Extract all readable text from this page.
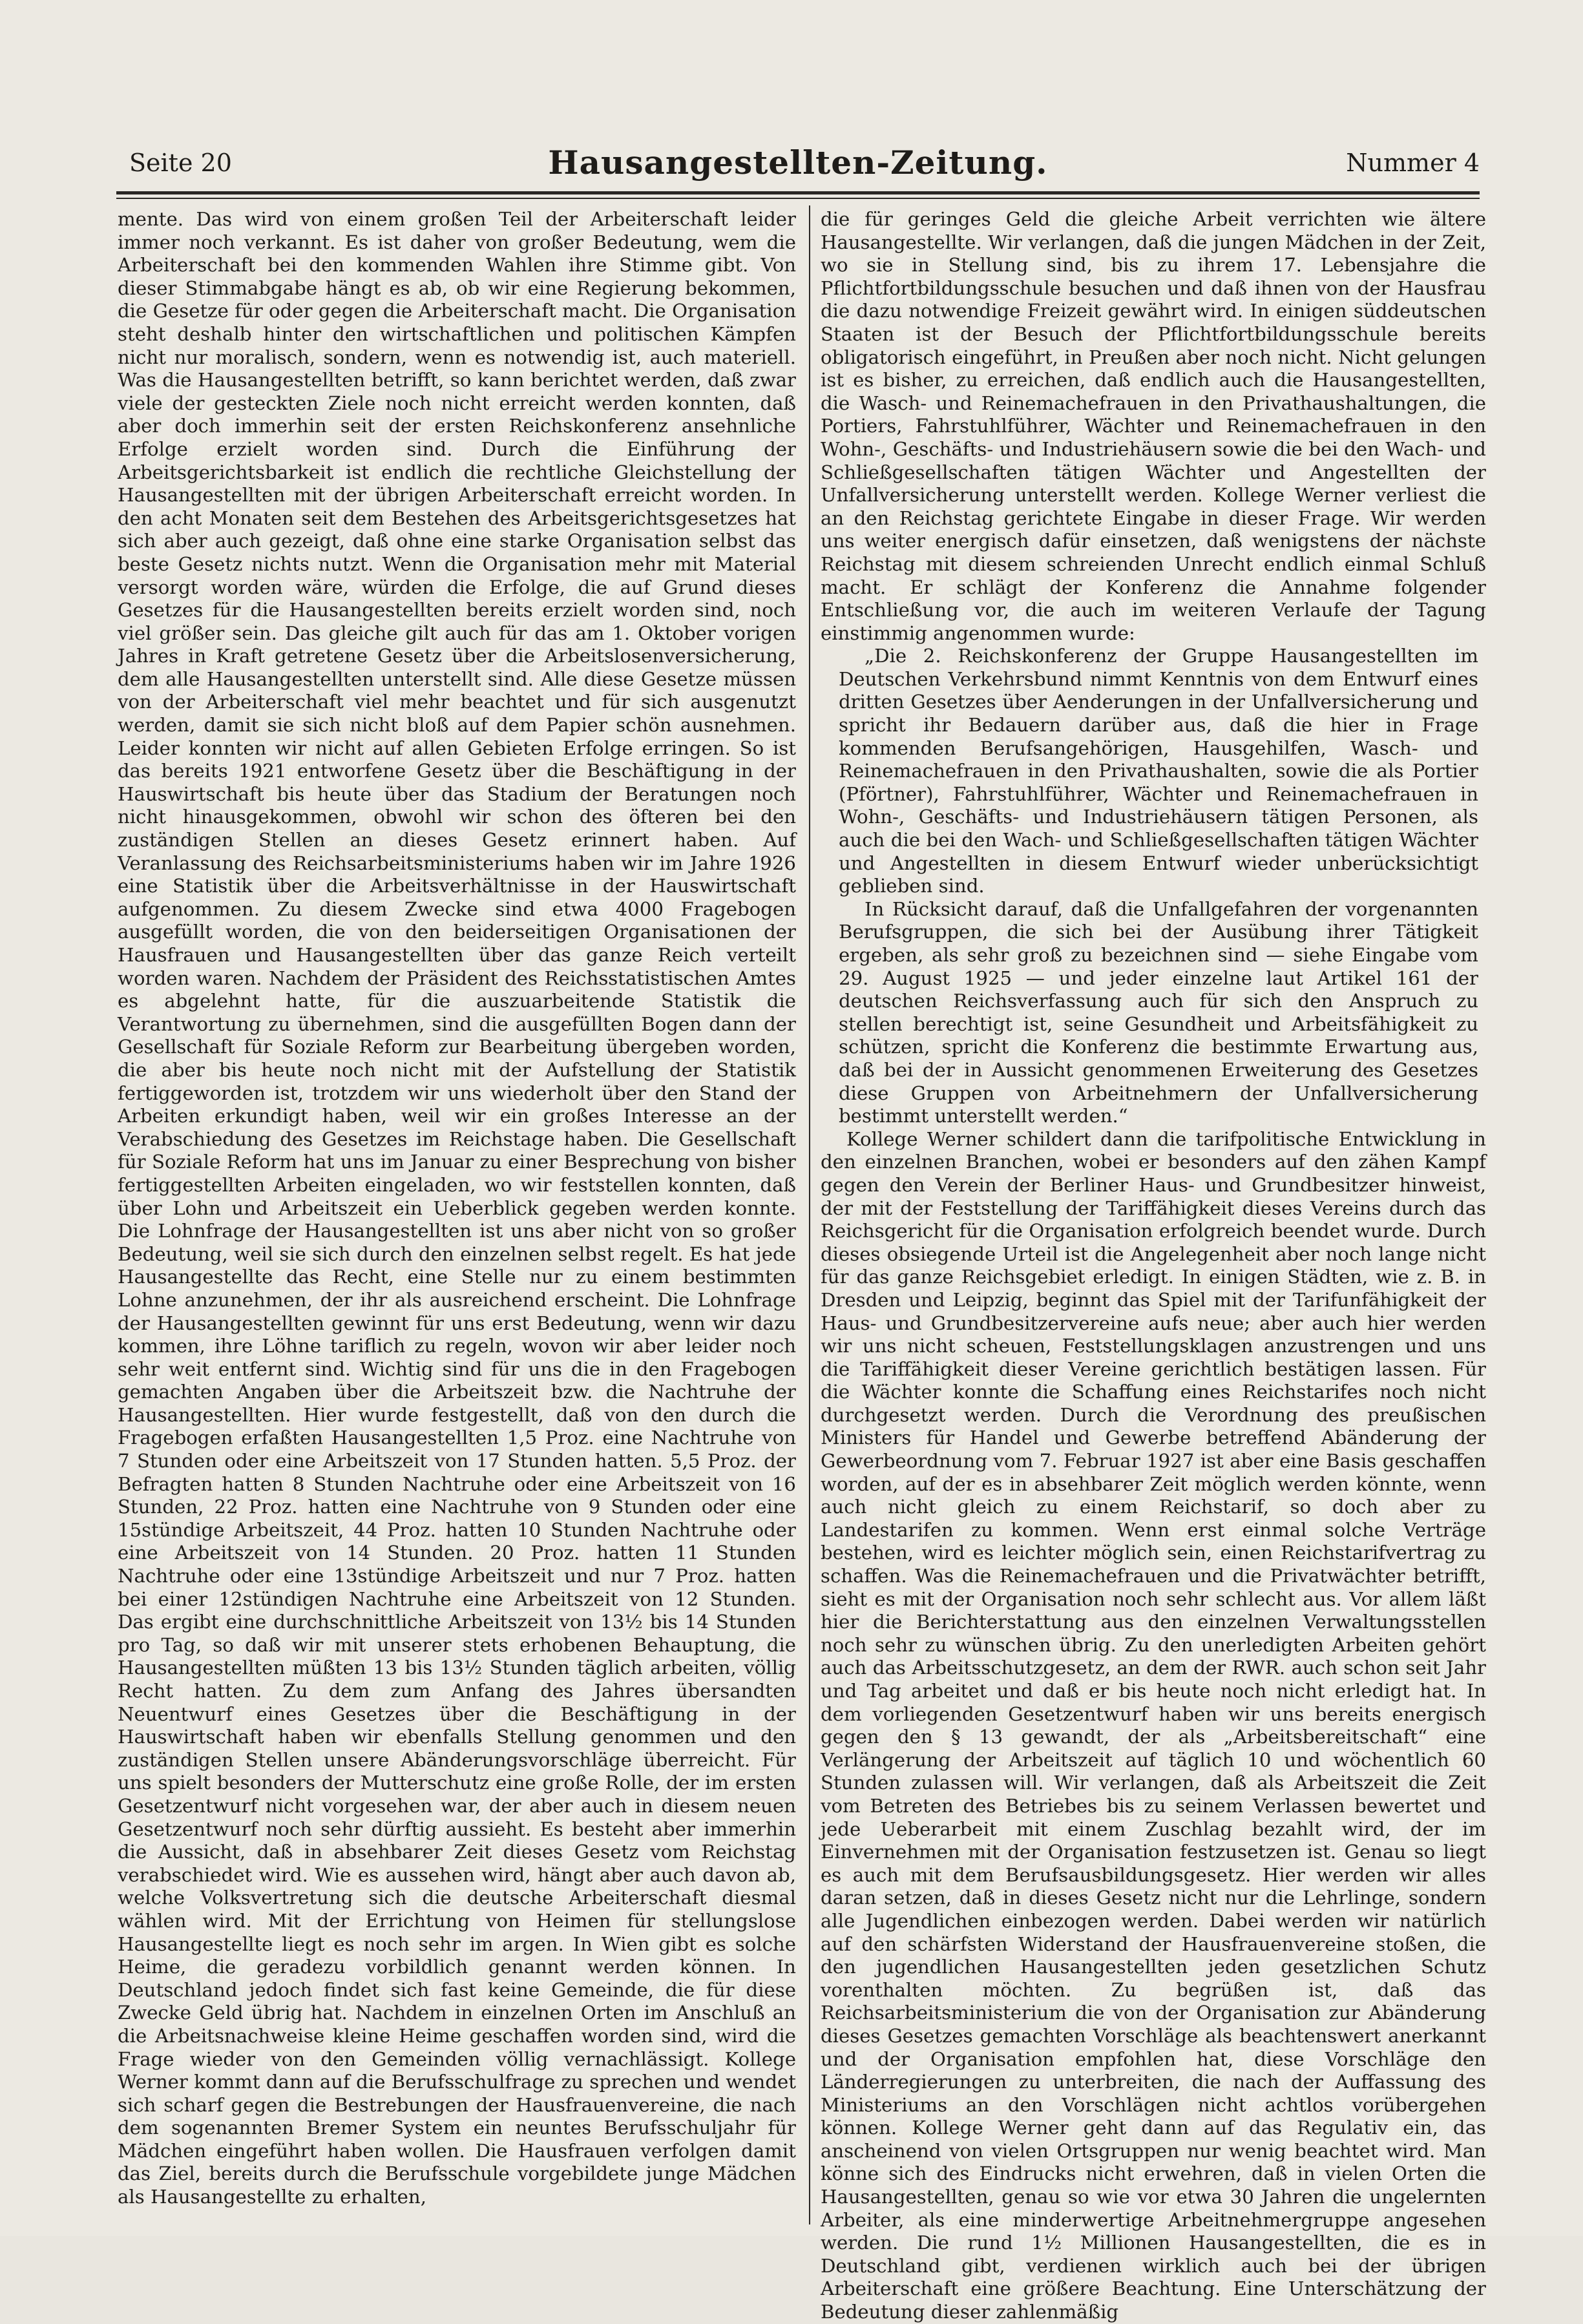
Seite 20	Hausangestellten-Zeitung.	Nummer 4

mente. Das wird von einem großen Teil der Arbeiterschaft leider immer noch verkannt. Es ist daher von großer Bedeutung, wem die Arbeiterschaft bei den kommenden Wahlen ihre Stimme gibt. Von dieser Stimmabgabe hängt es ab, ob wir eine Regierung bekommen, die Gesetze für oder gegen die Arbeiterschaft macht. Die Organisation steht deshalb hinter den wirtschaftlichen und politischen Kämpfen nicht nur moralisch, sondern, wenn es notwendig ist, auch materiell. Was die Hausangestellten betrifft, so kann berichtet werden, daß zwar viele der gesteckten Ziele noch nicht erreicht werden konnten, daß aber doch immerhin seit der ersten Reichskonferenz ansehnliche Erfolge erzielt worden sind. Durch die Einführung der Arbeitsgerichtsbarkeit ist endlich die rechtliche Gleichstellung der Hausangestellten mit der übrigen Arbeiterschaft erreicht worden. In den acht Monaten seit dem Bestehen des Arbeitsgerichtsgesetzes hat sich aber auch gezeigt, daß ohne eine starke Organisation selbst das beste Gesetz nichts nutzt. Wenn die Organisation mehr mit Material versorgt worden wäre, würden die Erfolge, die auf Grund dieses Gesetzes für die Hausangestellten bereits erzielt worden sind, noch viel größer sein. Das gleiche gilt auch für das am 1. Oktober vorigen Jahres in Kraft getretene Gesetz über die Arbeitslosenversicherung, dem alle Hausangestellten unterstellt sind. Alle diese Gesetze müssen von der Arbeiterschaft viel mehr beachtet und für sich ausgenutzt werden, damit sie sich nicht bloß auf dem Papier schön ausnehmen. Leider konnten wir nicht auf allen Gebieten Erfolge erringen. So ist das bereits 1921 entworfene Gesetz über die Beschäftigung in der Hauswirtschaft bis heute über das Stadium der Beratungen noch nicht hinausgekommen, obwohl wir schon des öfteren bei den zuständigen Stellen an dieses Gesetz erinnert haben. Auf Veranlassung des Reichsarbeitsministeriums haben wir im Jahre 1926 eine Statistik über die Arbeitsverhältnisse in der Hauswirtschaft aufgenommen. Zu diesem Zwecke sind etwa 4000 Fragebogen ausgefüllt worden, die von den beiderseitigen Organisationen der Hausfrauen und Hausangestellten über das ganze Reich verteilt worden waren. Nachdem der Präsident des Reichsstatistischen Amtes es abgelehnt hatte, für die auszuarbeitende Statistik die Verantwortung zu übernehmen, sind die ausgefüllten Bogen dann der Gesellschaft für Soziale Reform zur Bearbeitung übergeben worden, die aber bis heute noch nicht mit der Aufstellung der Statistik fertiggeworden ist, trotzdem wir uns wiederholt über den Stand der Arbeiten erkundigt haben, weil wir ein großes Interesse an der Verabschiedung des Gesetzes im Reichstage haben. Die Gesellschaft für Soziale Reform hat uns im Januar zu einer Besprechung von bisher fertiggestellten Arbeiten eingeladen, wo wir feststellen konnten, daß über Lohn und Arbeitszeit ein Ueberblick gegeben werden konnte. Die Lohnfrage der Hausangestellten ist uns aber nicht von so großer Bedeutung, weil sie sich durch den einzelnen selbst regelt. Es hat jede Hausangestellte das Recht, eine Stelle nur zu einem bestimmten Lohne anzunehmen, der ihr als ausreichend erscheint. Die Lohnfrage der Hausangestellten gewinnt für uns erst Bedeutung, wenn wir dazu kommen, ihre Löhne tariflich zu regeln, wovon wir aber leider noch sehr weit entfernt sind. Wichtig sind für uns die in den Fragebogen gemachten Angaben über die Arbeitszeit bzw. die Nachtruhe der Hausangestellten. Hier wurde festgestellt, daß von den durch die Fragebogen erfaßten Hausangestellten 1,5 Proz. eine Nachtruhe von 7 Stunden oder eine Arbeitszeit von 17 Stunden hatten. 5,5 Proz. der Befragten hatten 8 Stunden Nachtruhe oder eine Arbeitszeit von 16 Stunden, 22 Proz. hatten eine Nachtruhe von 9 Stunden oder eine 15stündige Arbeitszeit, 44 Proz. hatten 10 Stunden Nachtruhe oder eine Arbeitszeit von 14 Stunden. 20 Proz. hatten 11 Stunden Nachtruhe oder eine 13stündige Arbeitszeit und nur 7 Proz. hatten bei einer 12stündigen Nachtruhe eine Arbeitszeit von 12 Stunden. Das ergibt eine durchschnittliche Arbeitszeit von 13½ bis 14 Stunden pro Tag, so daß wir mit unserer stets erhobenen Behauptung, die Hausangestellten müßten 13 bis 13½ Stunden täglich arbeiten, völlig Recht hatten. Zu dem zum Anfang des Jahres übersandten Neuentwurf eines Gesetzes über die Beschäftigung in der Hauswirtschaft haben wir ebenfalls Stellung genommen und den zuständigen Stellen unsere Abänderungsvorschläge überreicht. Für uns spielt besonders der Mutterschutz eine große Rolle, der im ersten Gesetzentwurf nicht vorgesehen war, der aber auch in diesem neuen Gesetzentwurf noch sehr dürftig aussieht. Es besteht aber immerhin die Aussicht, daß in absehbarer Zeit dieses Gesetz vom Reichstag verabschiedet wird. Wie es aussehen wird, hängt aber auch davon ab, welche Volksvertretung sich die deutsche Arbeiterschaft diesmal wählen wird. Mit der Errichtung von Heimen für stellungslose Hausangestellte liegt es noch sehr im argen. In Wien gibt es solche Heime, die geradezu vorbildlich genannt werden können. In Deutschland jedoch findet sich fast keine Gemeinde, die für diese Zwecke Geld übrig hat. Nachdem in einzelnen Orten im Anschluß an die Arbeitsnachweise kleine Heime geschaffen worden sind, wird die Frage wieder von den Gemeinden völlig vernachlässigt. Kollege Werner kommt dann auf die Berufsschulfrage zu sprechen und wendet sich scharf gegen die Bestrebungen der Hausfrauenvereine, die nach dem sogenannten Bremer System ein neuntes Berufsschuljahr für Mädchen eingeführt haben wollen. Die Hausfrauen verfolgen damit das Ziel, bereits durch die Berufsschule vorgebildete junge Mädchen als Hausangestellte zu erhalten,

die für geringes Geld die gleiche Arbeit verrichten wie ältere Hausangestellte. Wir verlangen, daß die jungen Mädchen in der Zeit, wo sie in Stellung sind, bis zu ihrem 17. Lebensjahre die Pflichtfortbildungsschule besuchen und daß ihnen von der Hausfrau die dazu notwendige Freizeit gewährt wird. In einigen süddeutschen Staaten ist der Besuch der Pflichtfortbildungsschule bereits obligatorisch eingeführt, in Preußen aber noch nicht. Nicht gelungen ist es bisher, zu erreichen, daß endlich auch die Hausangestellten, die Wasch- und Reinemachefrauen in den Privathaushaltungen, die Portiers, Fahrstuhlführer, Wächter und Reinemachefrauen in den Wohn-, Geschäfts- und Industriehäusern sowie die bei den Wach- und Schließgesellschaften tätigen Wächter und Angestellten der Unfallversicherung unterstellt werden. Kollege Werner verliest die an den Reichstag gerichtete Eingabe in dieser Frage. Wir werden uns weiter energisch dafür einsetzen, daß wenigstens der nächste Reichstag mit diesem schreienden Unrecht endlich einmal Schluß macht. Er schlägt der Konferenz die Annahme folgender Entschließung vor, die auch im weiteren Verlaufe der Tagung einstimmig angenommen wurde:

„Die 2. Reichskonferenz der Gruppe Hausangestellten im Deutschen Verkehrsbund nimmt Kenntnis von dem Entwurf eines dritten Gesetzes über Aenderungen in der Unfallversicherung und spricht ihr Bedauern darüber aus, daß die hier in Frage kommenden Berufsangehörigen, Hausgehilfen, Wasch- und Reinemachefrauen in den Privathaushalten, sowie die als Portier (Pförtner), Fahrstuhlführer, Wächter und Reinemachefrauen in Wohn-, Geschäfts- und Industriehäusern tätigen Personen, als auch die bei den Wach- und Schließgesellschaften tätigen Wächter und Angestellten in diesem Entwurf wieder unberücksichtigt geblieben sind.

In Rücksicht darauf, daß die Unfallgefahren der vorgenannten Berufsgruppen, die sich bei der Ausübung ihrer Tätigkeit ergeben, als sehr groß zu bezeichnen sind — siehe Eingabe vom 29. August 1925 — und jeder einzelne laut Artikel 161 der deutschen Reichsverfassung auch für sich den Anspruch zu stellen berechtigt ist, seine Gesundheit und Arbeitsfähigkeit zu schützen, spricht die Konferenz die bestimmte Erwartung aus, daß bei der in Aussicht genommenen Erweiterung des Gesetzes diese Gruppen von Arbeitnehmern der Unfallversicherung bestimmt unterstellt werden.“

Kollege Werner schildert dann die tarifpolitische Entwicklung in den einzelnen Branchen, wobei er besonders auf den zähen Kampf gegen den Verein der Berliner Haus- und Grundbesitzer hinweist, der mit der Feststellung der Tariffähigkeit dieses Vereins durch das Reichsgericht für die Organisation erfolgreich beendet wurde. Durch dieses obsiegende Urteil ist die Angelegenheit aber noch lange nicht für das ganze Reichsgebiet erledigt. In einigen Städten, wie z. B. in Dresden und Leipzig, beginnt das Spiel mit der Tarifunfähigkeit der Haus- und Grundbesitzervereine aufs neue; aber auch hier werden wir uns nicht scheuen, Feststellungsklagen anzustrengen und uns die Tariffähigkeit dieser Vereine gerichtlich bestätigen lassen. Für die Wächter konnte die Schaffung eines Reichstarifes noch nicht durchgesetzt werden. Durch die Verordnung des preußischen Ministers für Handel und Gewerbe betreffend Abänderung der Gewerbeordnung vom 7. Februar 1927 ist aber eine Basis geschaffen worden, auf der es in absehbarer Zeit möglich werden könnte, wenn auch nicht gleich zu einem Reichstarif, so doch aber zu Landestarifen zu kommen. Wenn erst einmal solche Verträge bestehen, wird es leichter möglich sein, einen Reichstarifvertrag zu schaffen. Was die Reinemachefrauen und die Privatwächter betrifft, sieht es mit der Organisation noch sehr schlecht aus. Vor allem läßt hier die Berichterstattung aus den einzelnen Verwaltungsstellen noch sehr zu wünschen übrig. Zu den unerledigten Arbeiten gehört auch das Arbeitsschutzgesetz, an dem der RWR. auch schon seit Jahr und Tag arbeitet und daß er bis heute noch nicht erledigt hat. In dem vorliegenden Gesetzentwurf haben wir uns bereits energisch gegen den § 13 gewandt, der als „Arbeitsbereitschaft“ eine Verlängerung der Arbeitszeit auf täglich 10 und wöchentlich 60 Stunden zulassen will. Wir verlangen, daß als Arbeitszeit die Zeit vom Betreten des Betriebes bis zu seinem Verlassen bewertet und jede Ueberarbeit mit einem Zuschlag bezahlt wird, der im Einvernehmen mit der Organisation festzusetzen ist. Genau so liegt es auch mit dem Berufsausbildungsgesetz. Hier werden wir alles daran setzen, daß in dieses Gesetz nicht nur die Lehrlinge, sondern alle Jugendlichen einbezogen werden. Dabei werden wir natürlich auf den schärfsten Widerstand der Hausfrauenvereine stoßen, die den jugendlichen Hausangestellten jeden gesetzlichen Schutz vorenthalten möchten. Zu begrüßen ist, daß das Reichsarbeitsministerium die von der Organisation zur Abänderung dieses Gesetzes gemachten Vorschläge als beachtenswert anerkannt und der Organisation empfohlen hat, diese Vorschläge den Länderregierungen zu unterbreiten, die nach der Auffassung des Ministeriums an den Vorschlägen nicht achtlos vorübergehen können. Kollege Werner geht dann auf das Regulativ ein, das anscheinend von vielen Ortsgruppen nur wenig beachtet wird. Man könne sich des Eindrucks nicht erwehren, daß in vielen Orten die Hausangestellten, genau so wie vor etwa 30 Jahren die ungelernten Arbeiter, als eine minderwertige Arbeitnehmergruppe angesehen werden. Die rund 1½ Millionen Hausangestellten, die es in Deutschland gibt, verdienen wirklich auch bei der übrigen Arbeiterschaft eine größere Beachtung. Eine Unterschätzung der Bedeutung dieser zahlenmäßig
